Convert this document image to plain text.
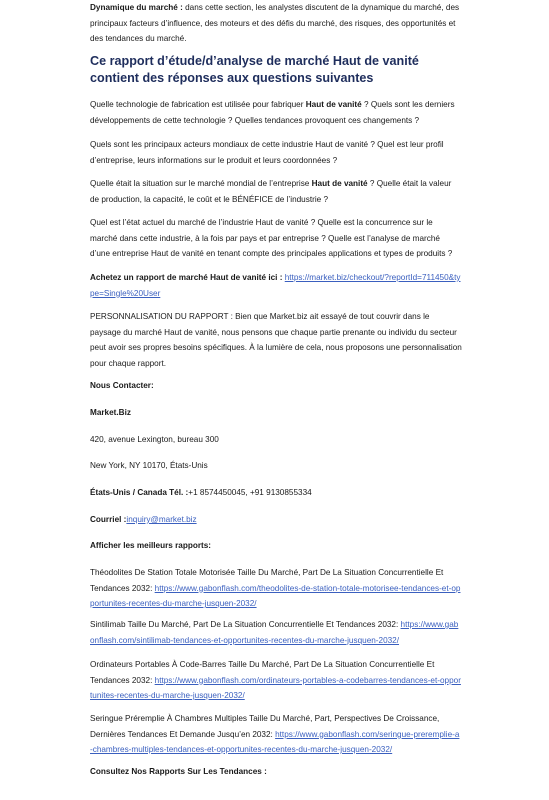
Dynamique du marché : dans cette section, les analystes discutent de la dynamique du marché, des principaux facteurs d’influence, des moteurs et des défis du marché, des risques, des opportunités et des tendances du marché.

Ce rapport d’étude/d’analyse de marché Haut de vanité contient des réponses aux questions suivantes

Quelle technologie de fabrication est utilisée pour fabriquer Haut de vanité ? Quels sont les derniers développements de cette technologie ? Quelles tendances provoquent ces changements ?

Quels sont les principaux acteurs mondiaux de cette industrie Haut de vanité ? Quel est leur profil d’entreprise, leurs informations sur le produit et leurs coordonnées ?

Quelle était la situation sur le marché mondial de l’entreprise Haut de vanité ? Quelle était la valeur de production, la capacité, le coût et le BÉNÉFICE de l’industrie ?

Quel est l’état actuel du marché de l’industrie Haut de vanité ? Quelle est la concurrence sur le marché dans cette industrie, à la fois par pays et par entreprise ? Quelle est l’analyse de marché d’une entreprise Haut de vanité en tenant compte des principales applications et types de produits ?

Achetez un rapport de marché Haut de vanité ici : https://market.biz/checkout/?reportId=711450&type=Single%20User

PERSONNALISATION DU RAPPORT : Bien que Market.biz ait essayé de tout couvrir dans le paysage du marché Haut de vanité, nous pensons que chaque partie prenante ou individu du secteur peut avoir ses propres besoins spécifiques. À la lumière de cela, nous proposons une personnalisation pour chaque rapport.

Nous Contacter:

Market.Biz

420, avenue Lexington, bureau 300

New York, NY 10170, États-Unis

États-Unis / Canada Tél. :+1 8574450045, +91 9130855334

Courriel :inquiry@market.biz

Afficher les meilleurs rapports:

Théodolites De Station Totale Motorisée Taille Du Marché, Part De La Situation Concurrentielle Et Tendances 2032: https://www.gabonflash.com/theodolites-de-station-totale-motorisee-tendances-et-opportunites-recentes-du-marche-jusquen-2032/

Sintilimab Taille Du Marché, Part De La Situation Concurrentielle Et Tendances 2032: https://www.gabonflash.com/sintilimab-tendances-et-opportunites-recentes-du-marche-jusquen-2032/

Ordinateurs Portables À Code-Barres Taille Du Marché, Part De La Situation Concurrentielle Et Tendances 2032: https://www.gabonflash.com/ordinateurs-portables-a-codebarres-tendances-et-opportunites-recentes-du-marche-jusquen-2032/

Seringue Préremplie À Chambres Multiples Taille Du Marché, Part, Perspectives De Croissance, Dernières Tendances Et Demande Jusqu’en 2032: https://www.gabonflash.com/seringue-preremplie-a-chambres-multiples-tendances-et-opportunites-recentes-du-marche-jusquen-2032/

Consultez Nos Rapports Sur Les Tendances :
